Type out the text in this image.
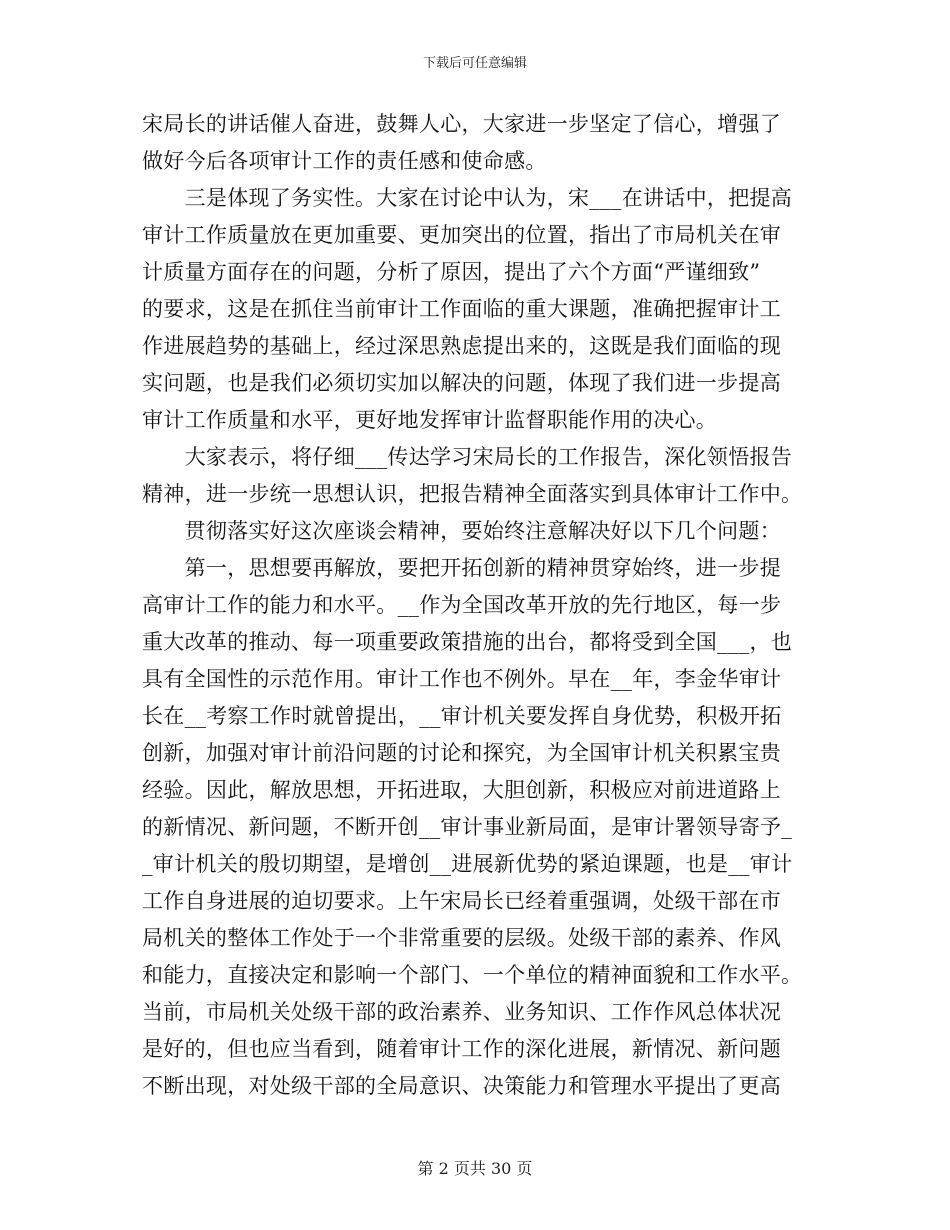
下载后可任意编辑
宋局长的讲话催人奋进，鼓舞人心，大家进一步坚定了信心，增强了
做好今后各项审计工作的责任感和使命感。
　　三是体现了务实性。大家在讨论中认为，宋___在讲话中，把提高
审计工作质量放在更加重要、更加突出的位置，指出了市局机关在审
计质量方面存在的问题，分析了原因，提出了六个方面“严谨细致”
的要求，这是在抓住当前审计工作面临的重大课题，准确把握审计工
作进展趋势的基础上，经过深思熟虑提出来的，这既是我们面临的现
实问题，也是我们必须切实加以解决的问题，体现了我们进一步提高
审计工作质量和水平，更好地发挥审计监督职能作用的决心。
　　大家表示，将仔细___传达学习宋局长的工作报告，深化领悟报告
精神，进一步统一思想认识，把报告精神全面落实到具体审计工作中。
　　贯彻落实好这次座谈会精神，要始终注意解决好以下几个问题：
　　第一，思想要再解放，要把开拓创新的精神贯穿始终，进一步提
高审计工作的能力和水平。__作为全国改革开放的先行地区，每一步
重大改革的推动、每一项重要政策措施的出台，都将受到全国___，也
具有全国性的示范作用。审计工作也不例外。早在__年，李金华审计
长在__考察工作时就曾提出，__审计机关要发挥自身优势，积极开拓
创新，加强对审计前沿问题的讨论和探究，为全国审计机关积累宝贵
经验。因此，解放思想，开拓进取，大胆创新，积极应对前进道路上
的新情况、新问题，不断开创__审计事业新局面，是审计署领导寄予_
_审计机关的殷切期望，是增创__进展新优势的紧迫课题，也是__审计
工作自身进展的迫切要求。上午宋局长已经着重强调，处级干部在市
局机关的整体工作处于一个非常重要的层级。处级干部的素养、作风
和能力，直接决定和影响一个部门、一个单位的精神面貌和工作水平。
当前，市局机关处级干部的政治素养、业务知识、工作作风总体状况
是好的，但也应当看到，随着审计工作的深化进展，新情况、新问题
不断出现，对处级干部的全局意识、决策能力和管理水平提出了更高
第 2 页共 30 页
